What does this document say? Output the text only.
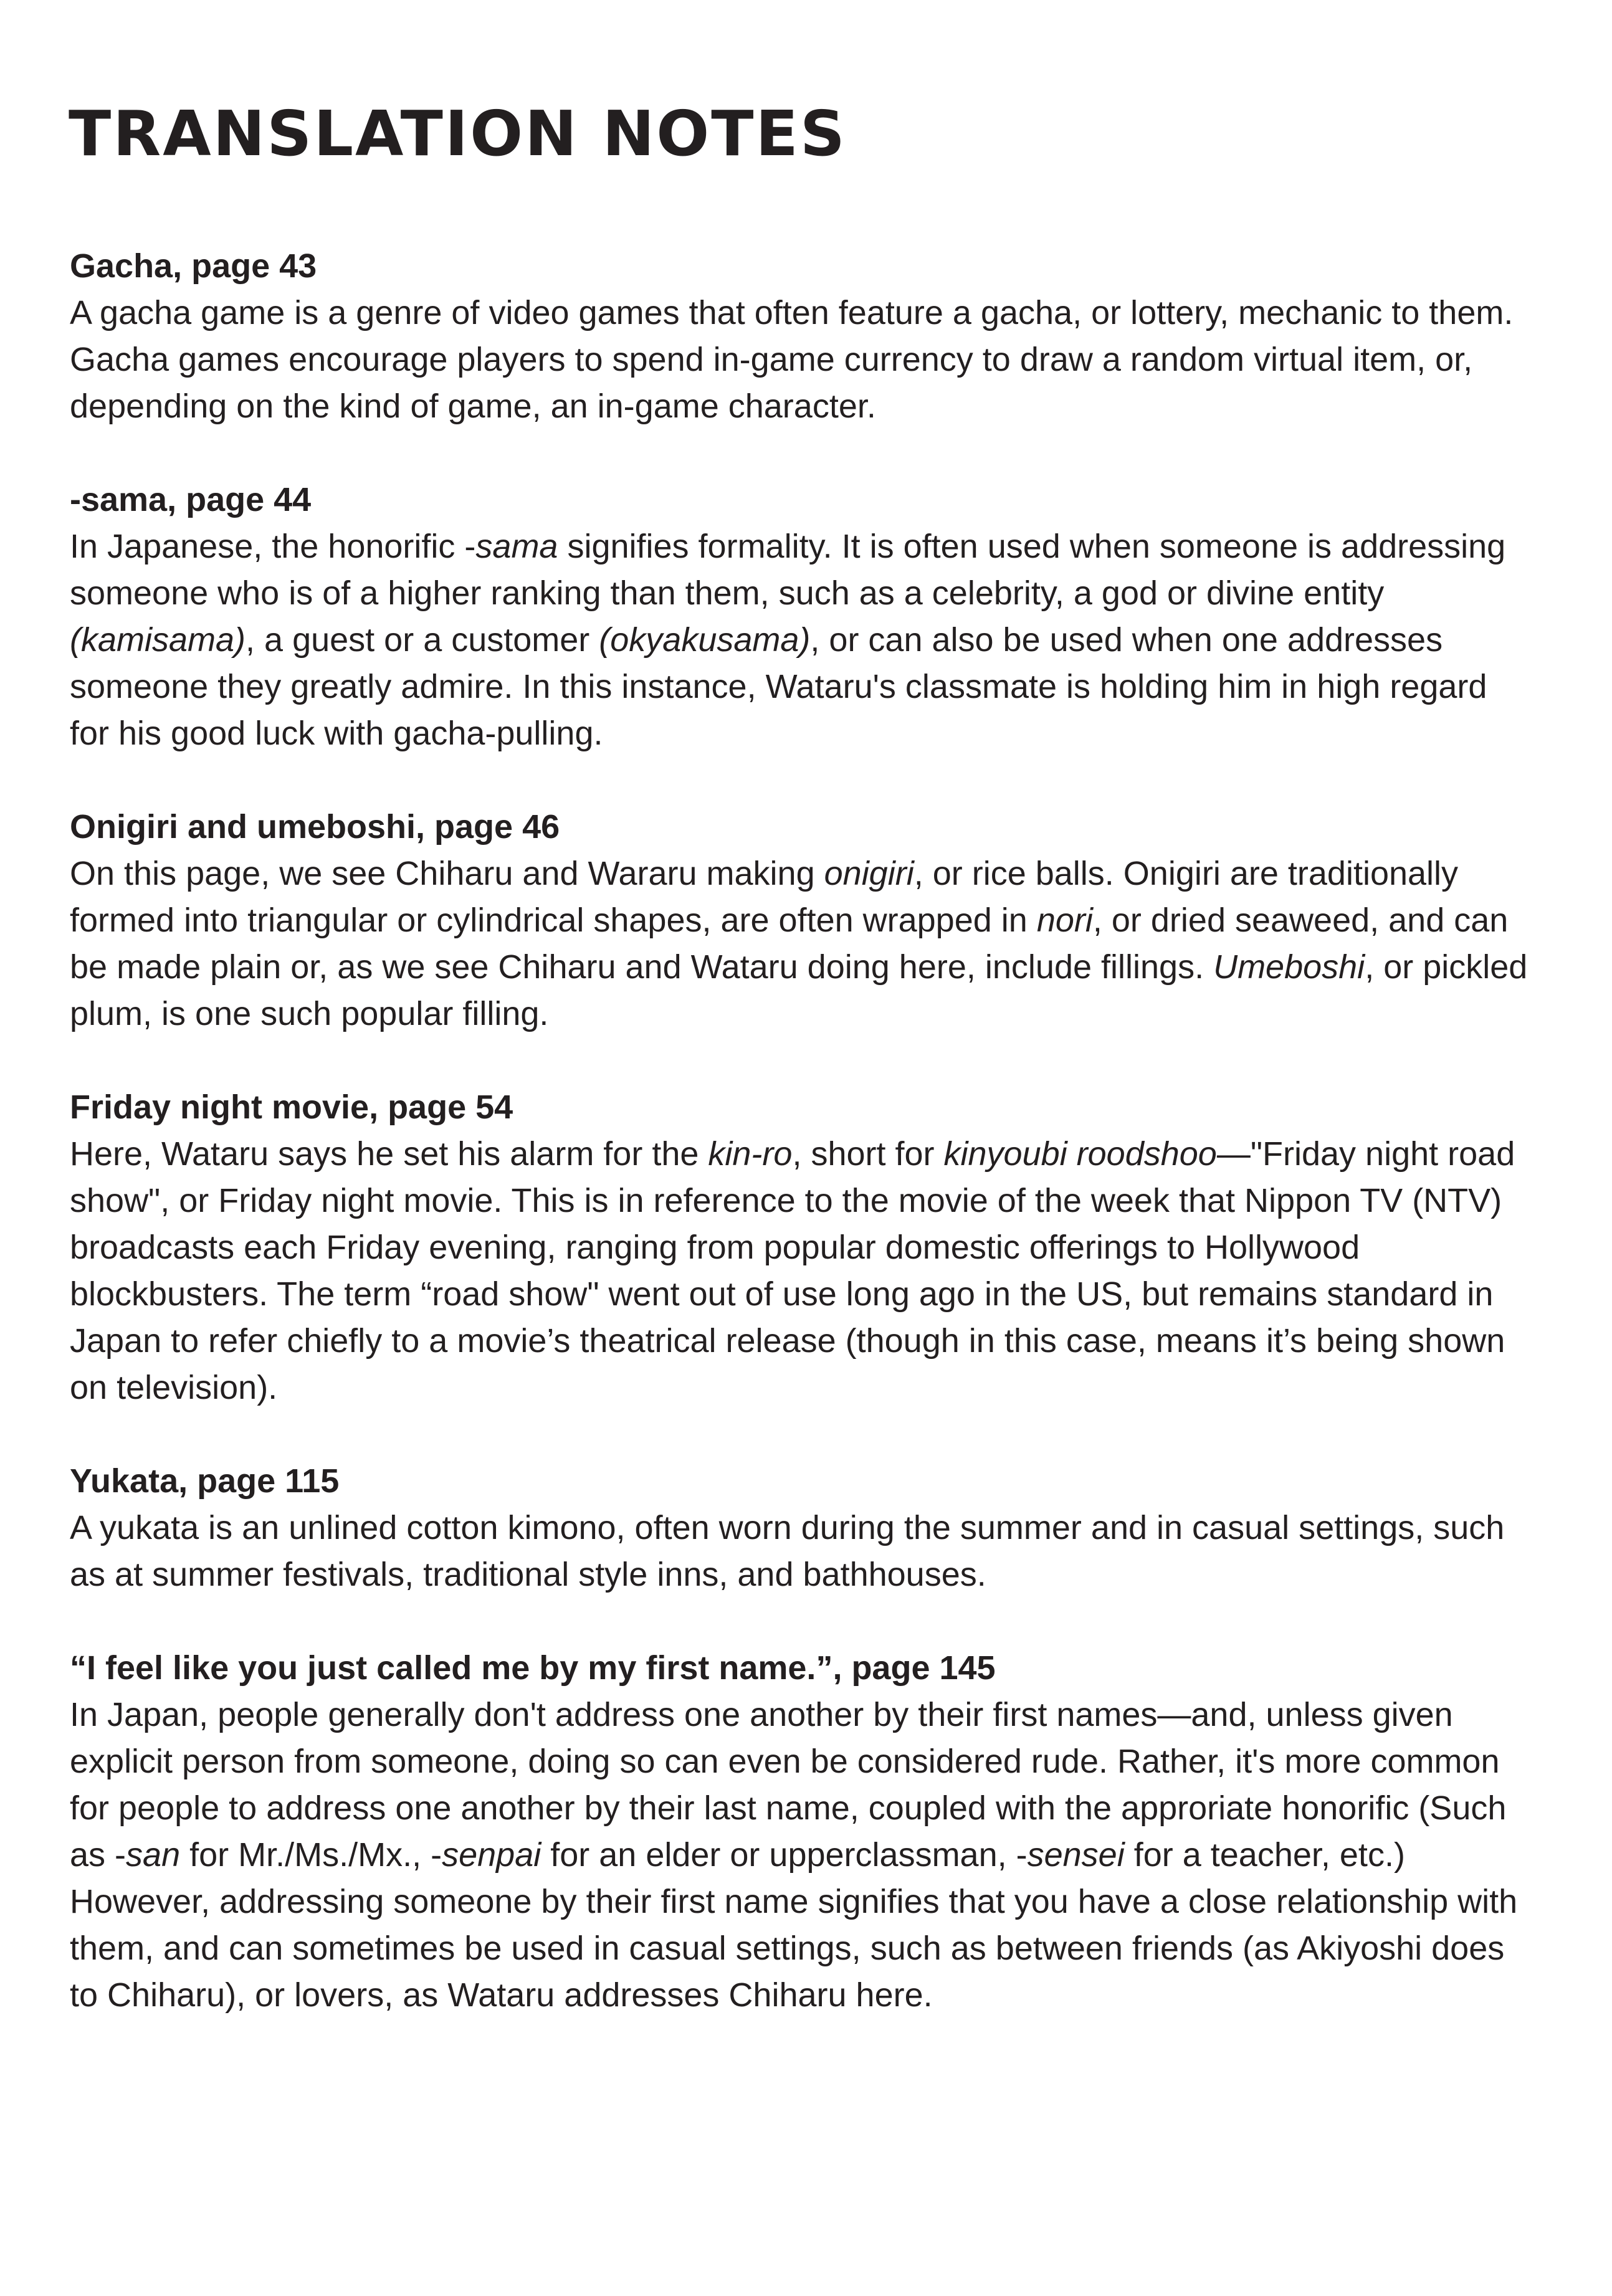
TRANSLATION NOTES

Gacha, page 43

A gacha game is a genre of video games that often feature a gacha, or lottery, mechanic to them. Gacha games encourage players to spend in-game currency to draw a random virtual item, or, depending on the kind of game, an in-game character.

-sama, page 44

In Japanese, the honorific -sama signifies formality. It is often used when someone is addressing someone who is of a higher ranking than them, such as a celebrity, a god or divine entity (kamisama), a guest or a customer (okyakusama), or can also be used when one addresses someone they greatly admire. In this instance, Wataru's classmate is holding him in high regard for his good luck with gacha-pulling.

Onigiri and umeboshi, page 46

On this page, we see Chiharu and Wararu making onigiri, or rice balls. Onigiri are traditionally formed into triangular or cylindrical shapes, are often wrapped in nori, or dried seaweed, and can be made plain or, as we see Chiharu and Wataru doing here, include fillings. Umeboshi, or pickled plum, is one such popular filling.

Friday night movie, page 54

Here, Wataru says he set his alarm for the kin-ro, short for kinyoubi roodshoo—"Friday night road show", or Friday night movie. This is in reference to the movie of the week that Nippon TV (NTV) broadcasts each Friday evening, ranging from popular domestic offerings to Hollywood blockbusters. The term “road show" went out of use long ago in the US, but remains standard in Japan to refer chiefly to a movie’s theatrical release (though in this case, means it’s being shown on television).

Yukata, page 115

A yukata is an unlined cotton kimono, often worn during the summer and in casual settings, such as at summer festivals, traditional style inns, and bathhouses.

“I feel like you just called me by my first name.”, page 145

In Japan, people generally don't address one another by their first names—and, unless given explicit person from someone, doing so can even be considered rude. Rather, it's more common for people to address one another by their last name, coupled with the approriate honorific (Such as -san for Mr./Ms./Mx., -senpai for an elder or upperclassman, -sensei for a teacher, etc.) However, addressing someone by their first name signifies that you have a close relationship with them, and can sometimes be used in casual settings, such as between friends (as Akiyoshi does to Chiharu), or lovers, as Wataru addresses Chiharu here.
